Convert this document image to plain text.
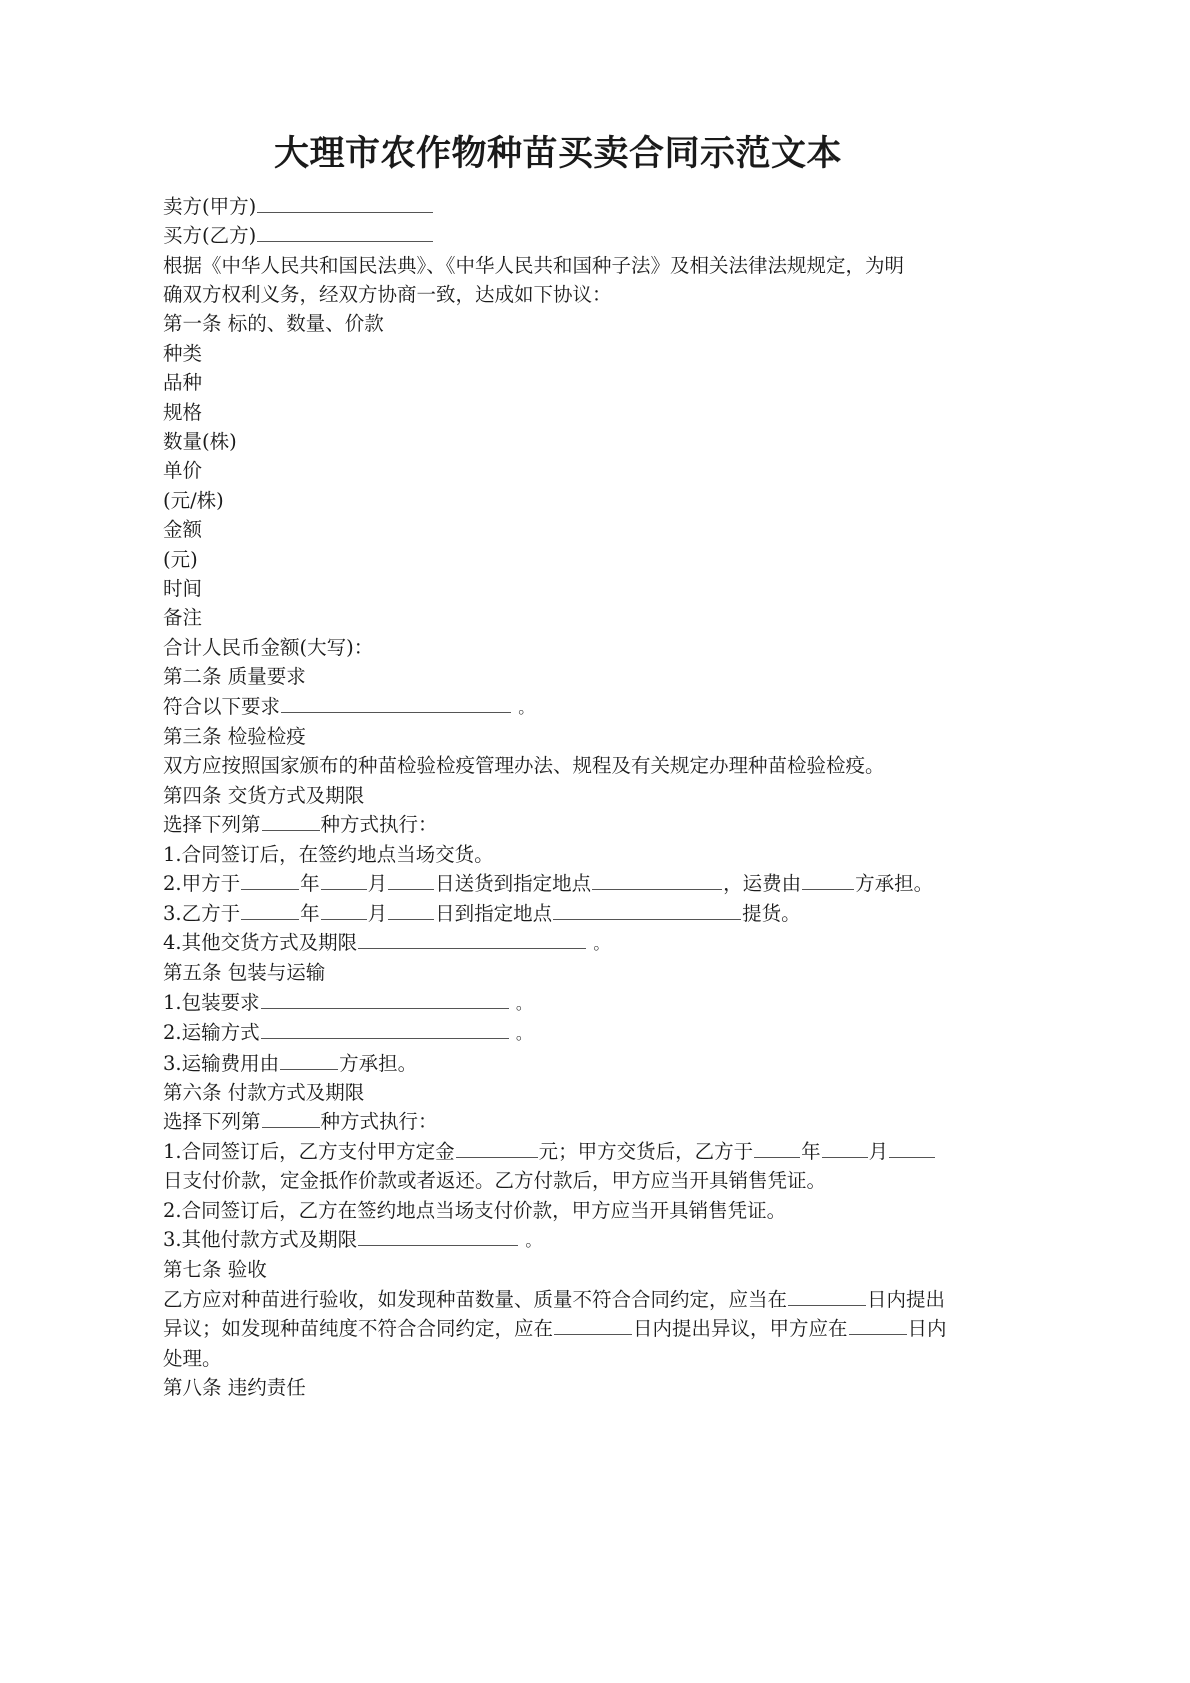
大理市农作物种苗买卖合同示范文本

卖方(甲方)

买方(乙方)

根据《中华人民共和国民法典》、《中华人民共和国种子法》及相关法律法规规定，为明

确双方权利义务，经双方协商一致，达成如下协议：

第一条 标的、数量、价款

种类

品种

规格

数量(株)

单价

(元/株)

金额

(元)

时间

备注

合计人民币金额(大写)：

第二条 质量要求

符合以下要求	。

第三条 检验检疫

双方应按照国家颁布的种苗检验检疫管理办法、规程及有关规定办理种苗检验检疫。

第四条 交货方式及期限

选择下列第	种方式执行：

1.合同签订后，在签约地点当场交货。

2.甲方于	年 月 日送货到指定地点	，运费由	方承担。

3.乙方于	年 月 日到指定地点	提货。

4.其他交货方式及期限	。

第五条 包装与运输

1.包装要求	。

2.运输方式	。

3.运输费用由	方承担。

第六条 付款方式及期限

选择下列第	种方式执行：

1.合同签订后，乙方支付甲方定金	元；甲方交货后，乙方于 年 月日支付价款，定金抵作价款或者返还。乙方付款后，甲方应当开具销售凭证。

2.合同签订后，乙方在签约地点当场支付价款，甲方应当开具销售凭证。

3.其他付款方式及期限	。

第七条 验收

乙方应对种苗进行验收，如发现种苗数量、质量不符合合同约定，应当在	日内提出异议；如发现种苗纯度不符合合同约定，应在	日内提出异议，甲方应在	日内处理。

第八条 违约责任
